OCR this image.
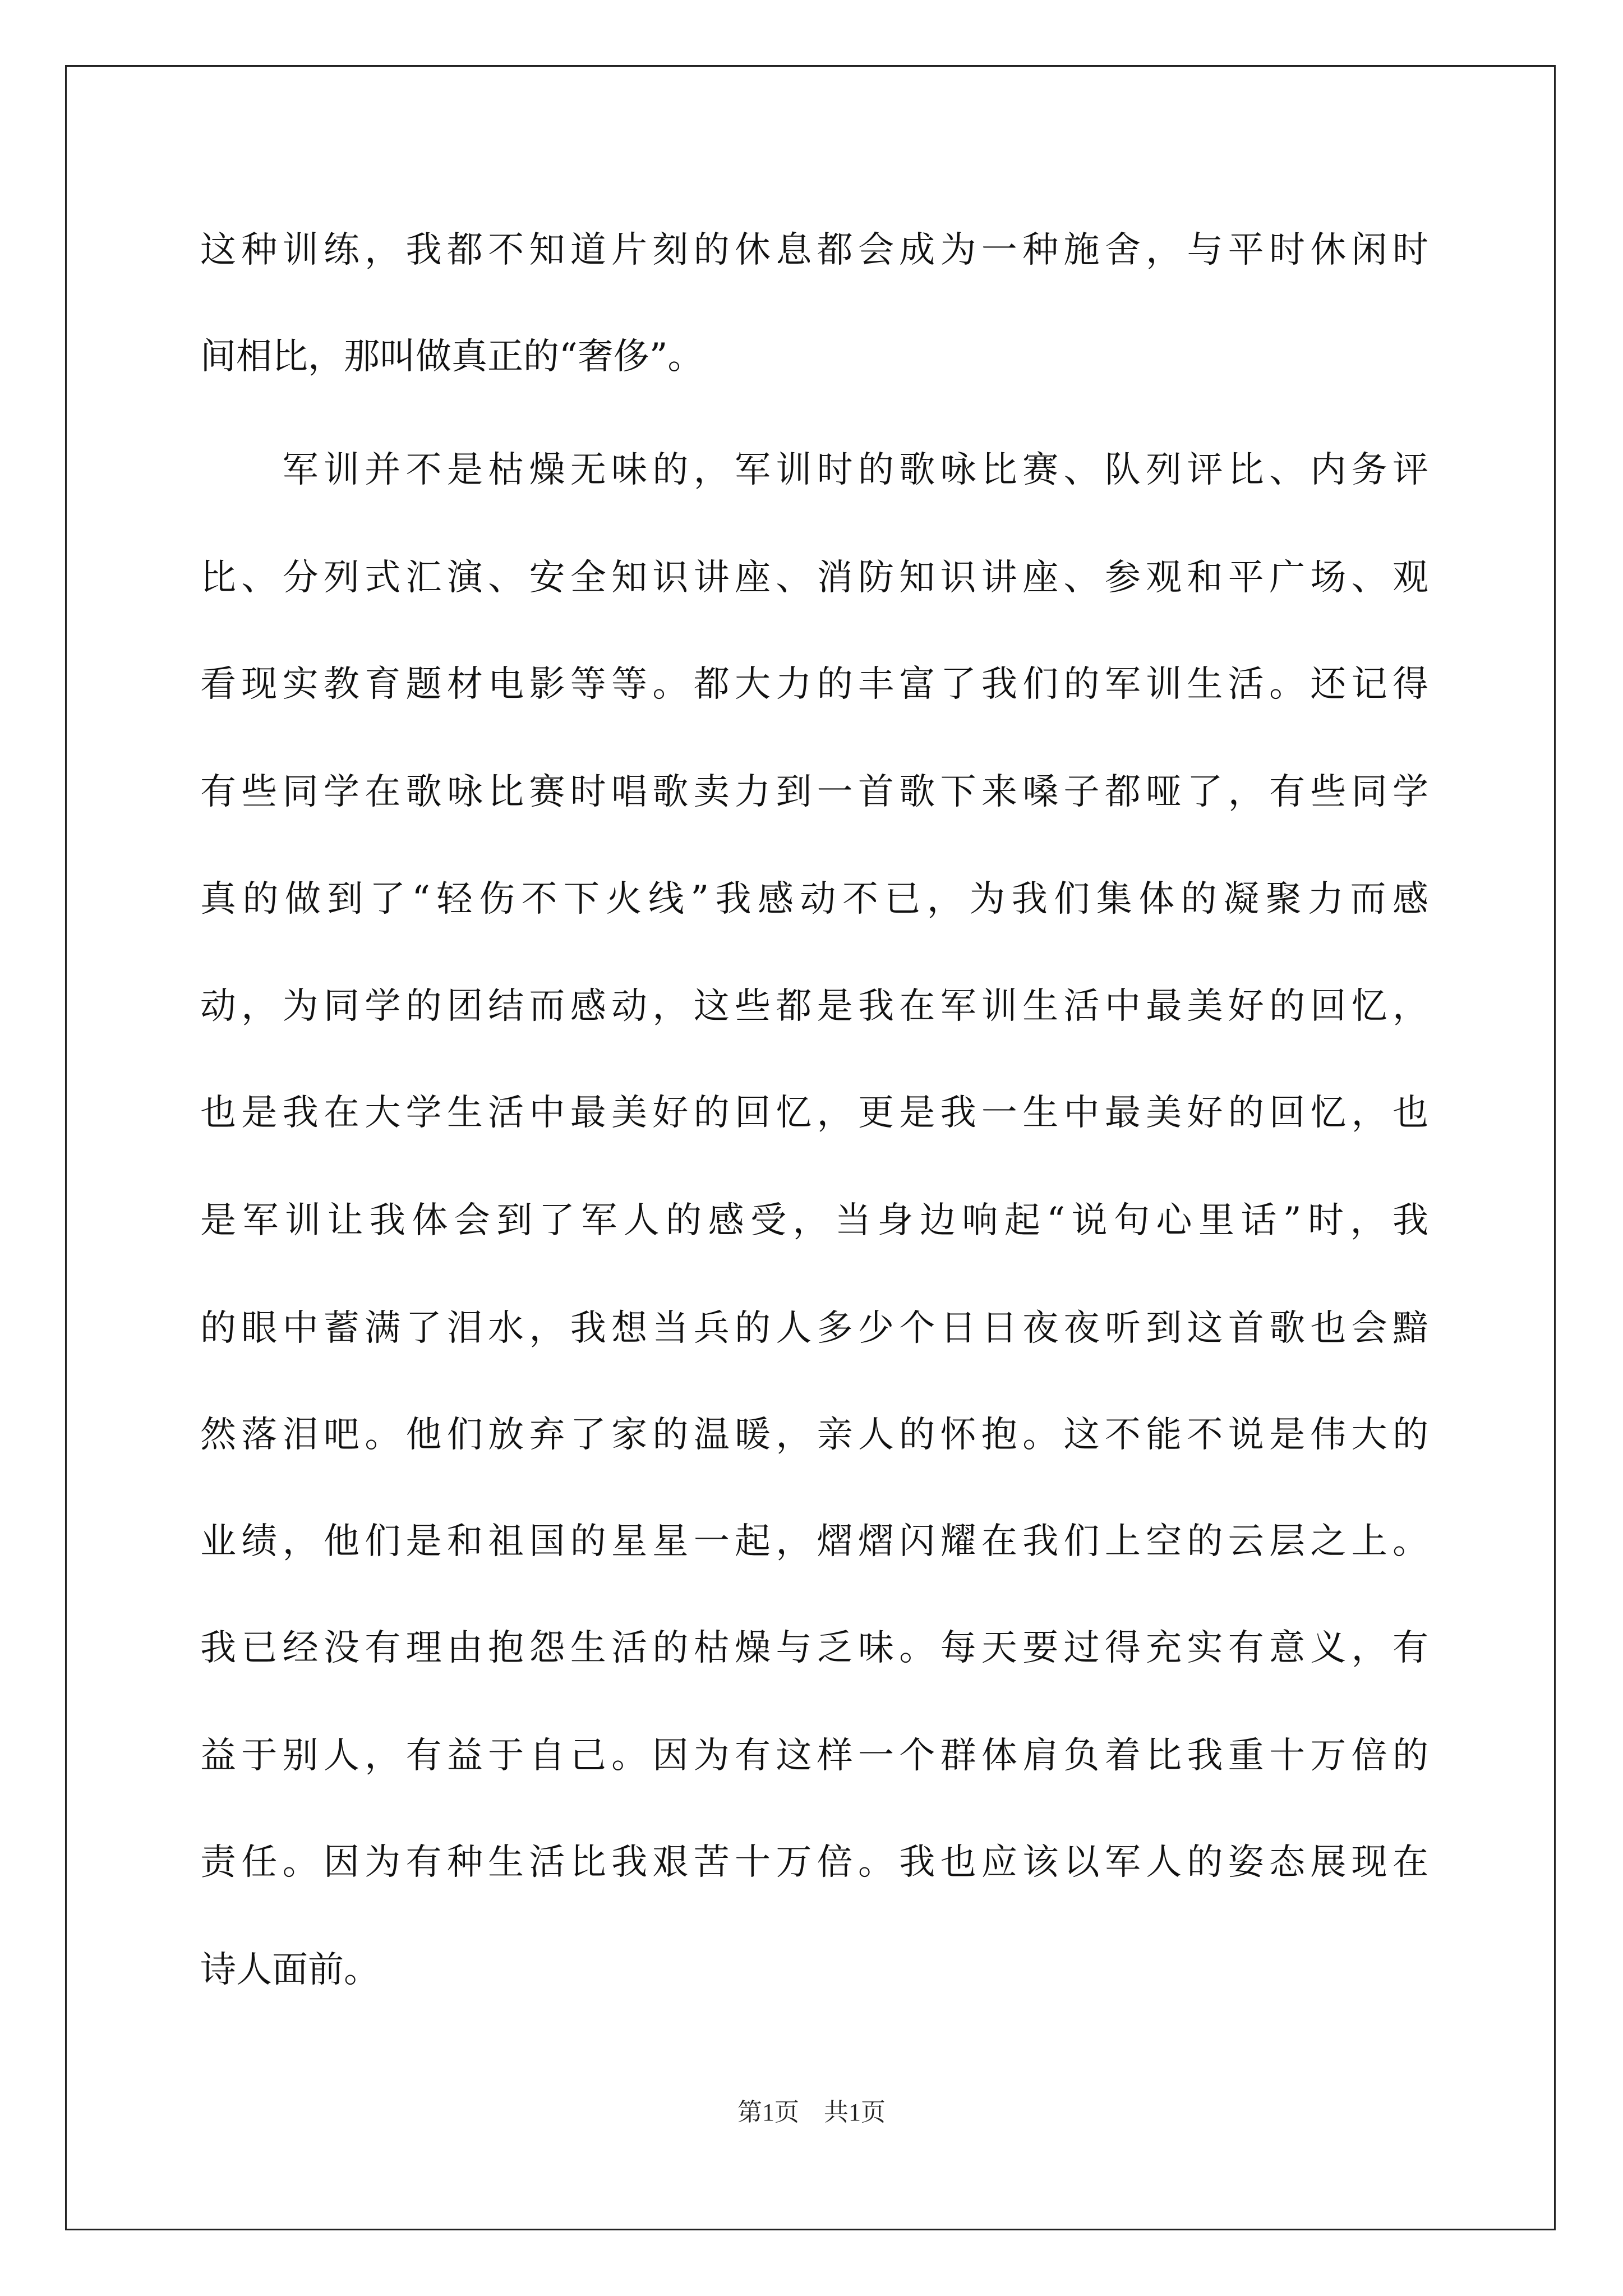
这种训练，我都不知道片刻的休息都会成为一种施舍，与平时休闲时
间相比，那叫做真正的“奢侈”。
　　军训并不是枯燥无味的，军训时的歌咏比赛、队列评比、内务评
比、分列式汇演、安全知识讲座、消防知识讲座、参观和平广场、观
看现实教育题材电影等等。都大力的丰富了我们的军训生活。还记得
有些同学在歌咏比赛时唱歌卖力到一首歌下来嗓子都哑了，有些同学
真的做到了“轻伤不下火线”我感动不已，为我们集体的凝聚力而感
动，为同学的团结而感动，这些都是我在军训生活中最美好的回忆，
也是我在大学生活中最美好的回忆，更是我一生中最美好的回忆，也
是军训让我体会到了军人的感受，当身边响起“说句心里话”时，我
的眼中蓄满了泪水，我想当兵的人多少个日日夜夜听到这首歌也会黯
然落泪吧。他们放弃了家的温暖，亲人的怀抱。这不能不说是伟大的
业绩，他们是和祖国的星星一起，熠熠闪耀在我们上空的云层之上。
我已经没有理由抱怨生活的枯燥与乏味。每天要过得充实有意义，有
益于别人，有益于自己。因为有这样一个群体肩负着比我重十万倍的
责任。因为有种生活比我艰苦十万倍。我也应该以军人的姿态展现在
诗人面前。
第1页　共1页
